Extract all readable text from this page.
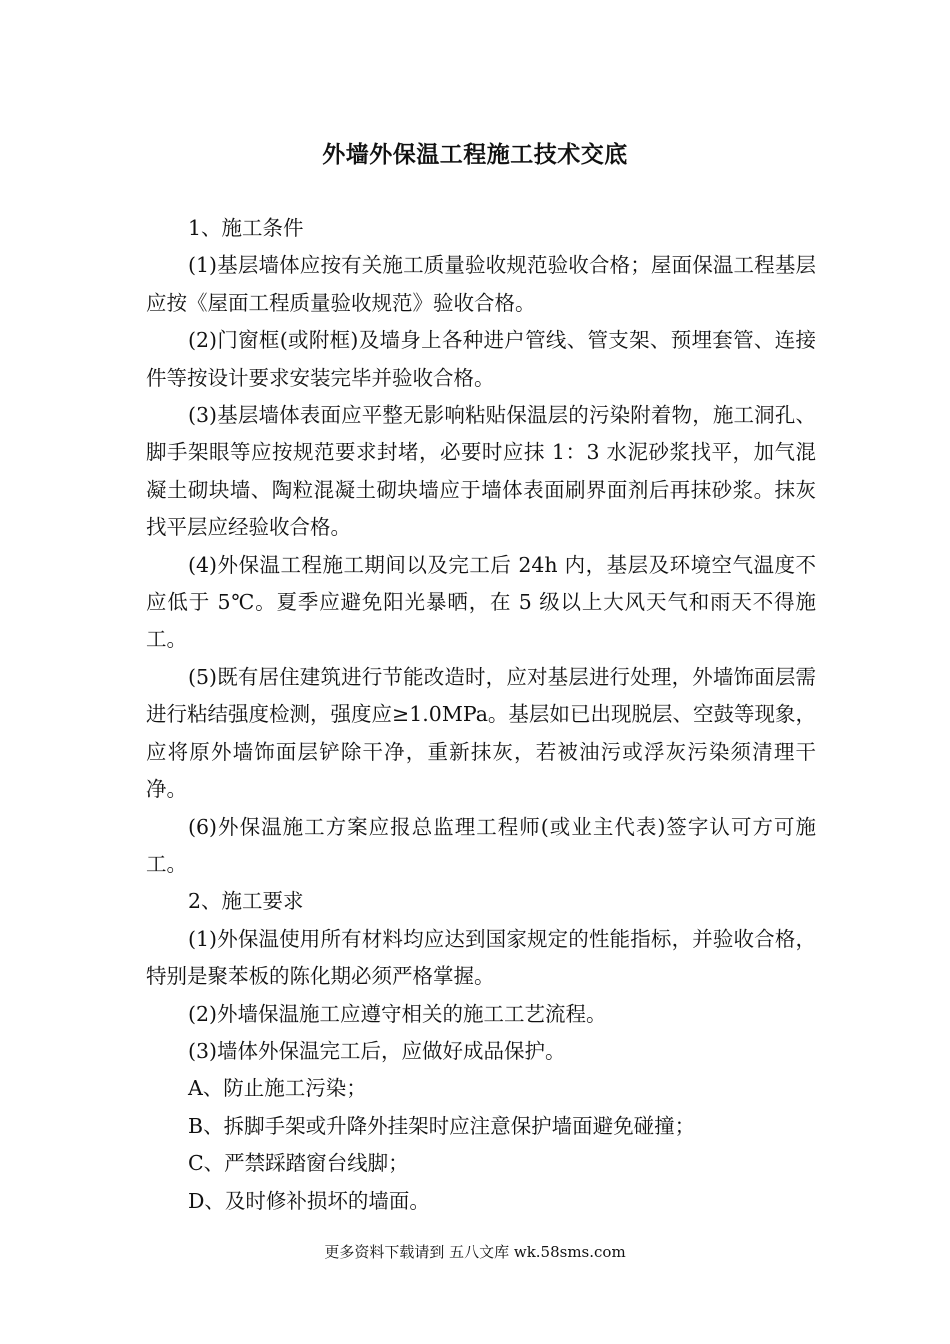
外墙外保温工程施工技术交底

1、施工条件

(1)基层墙体应按有关施工质量验收规范验收合格；屋面保温工程基层应按《屋面工程质量验收规范》验收合格。

(2)门窗框(或附框)及墙身上各种进户管线、管支架、预埋套管、连接件等按设计要求安装完毕并验收合格。

(3)基层墙体表面应平整无影响粘贴保温层的污染附着物，施工洞孔、脚手架眼等应按规范要求封堵，必要时应抹 1：3 水泥砂浆找平，加气混凝土砌块墙、陶粒混凝土砌块墙应于墙体表面刷界面剂后再抹砂浆。抹灰找平层应经验收合格。

(4)外保温工程施工期间以及完工后 24h 内，基层及环境空气温度不应低于 5℃。夏季应避免阳光暴晒，在 5 级以上大风天气和雨天不得施工。

(5)既有居住建筑进行节能改造时，应对基层进行处理，外墙饰面层需进行粘结强度检测，强度应≥1.0MPa。基层如已出现脱层、空鼓等现象，应将原外墙饰面层铲除干净，重新抹灰，若被油污或浮灰污染须清理干净。

(6)外保温施工方案应报总监理工程师(或业主代表)签字认可方可施工。

2、施工要求

(1)外保温使用所有材料均应达到国家规定的性能指标，并验收合格，特别是聚苯板的陈化期必须严格掌握。

(2)外墙保温施工应遵守相关的施工工艺流程。

(3)墙体外保温完工后，应做好成品保护。

A、防止施工污染；

B、拆脚手架或升降外挂架时应注意保护墙面避免碰撞；

C、严禁踩踏窗台线脚；

D、及时修补损坏的墙面。

更多资料下载请到 五八文库 wk.58sms.com
